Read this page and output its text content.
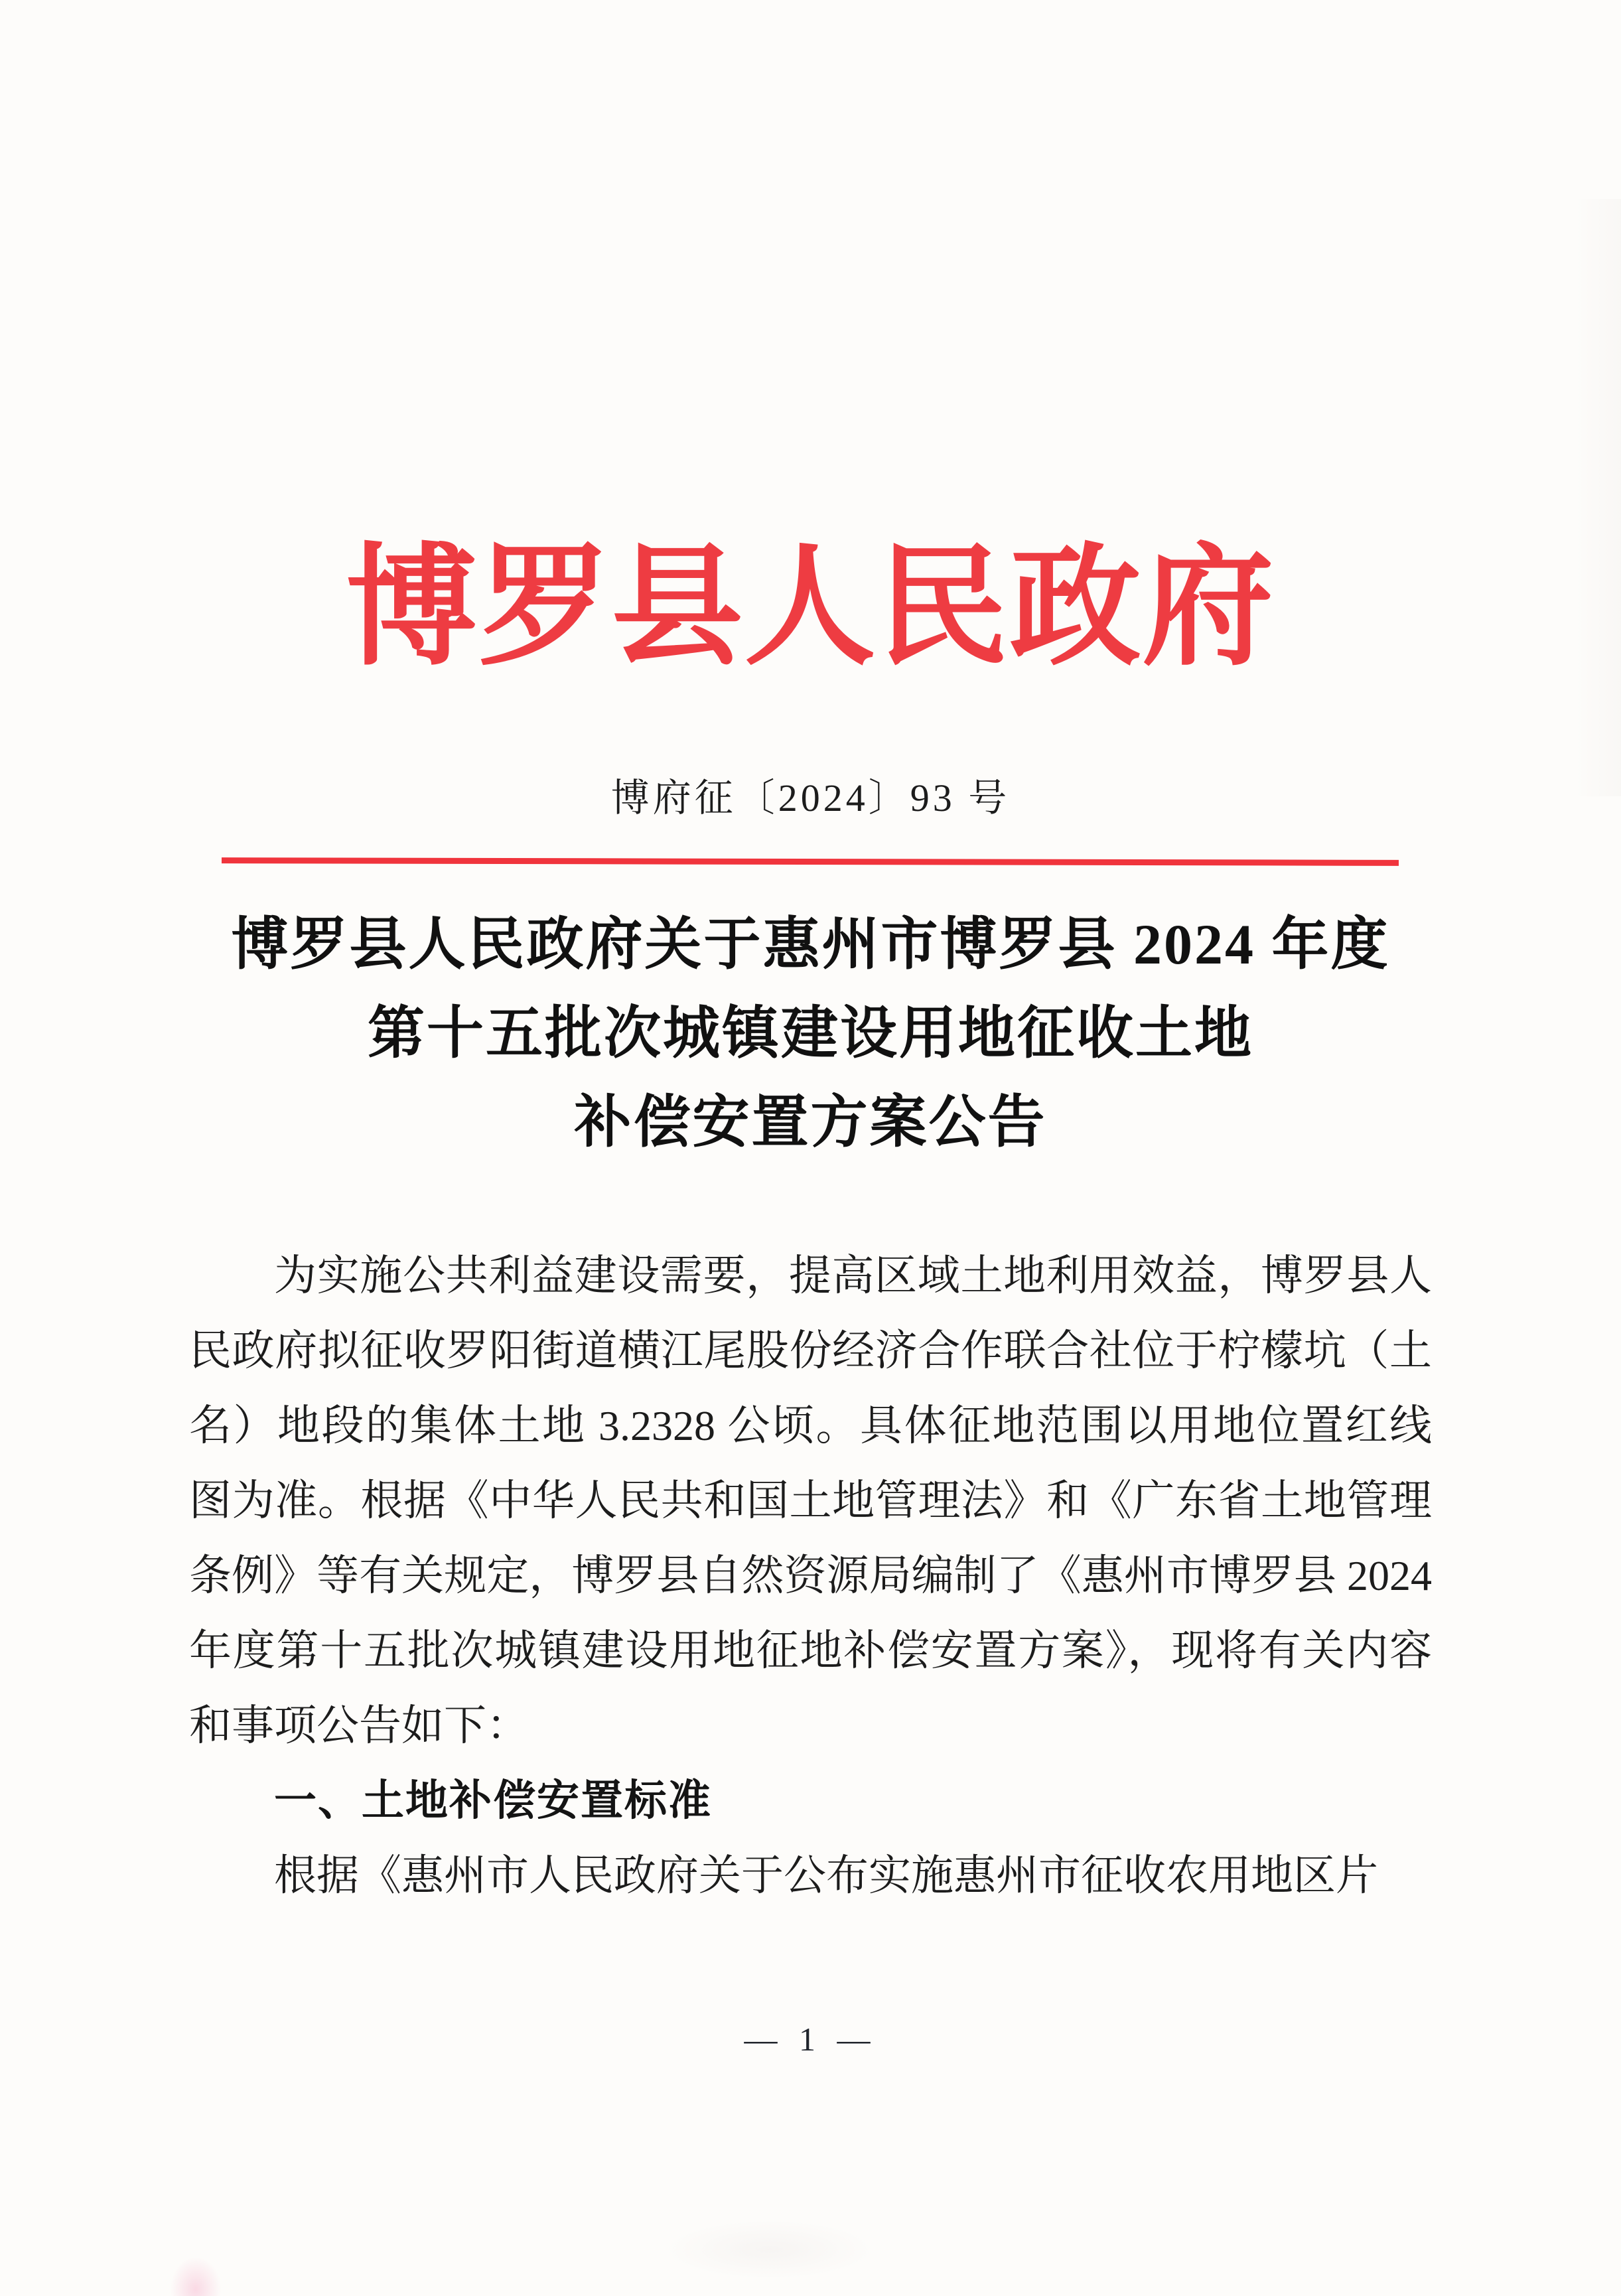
博罗县人民政府
博府征〔2024〕93 号
博罗县人民政府关于惠州市博罗县 2024 年度
第十五批次城镇建设用地征收土地
补偿安置方案公告
为实施公共利益建设需要，提高区域土地利用效益，博罗县人
民政府拟征收罗阳街道横江尾股份经济合作联合社位于柠檬坑（土
名）地段的集体土地 3.2328 公顷。具体征地范围以用地位置红线
图为准。根据《中华人民共和国土地管理法》和《广东省土地管理
条例》等有关规定，博罗县自然资源局编制了《惠州市博罗县 2024
年度第十五批次城镇建设用地征地补偿安置方案》，现将有关内容
和事项公告如下：
一、土地补偿安置标准
根据《惠州市人民政府关于公布实施惠州市征收农用地区片
— 1 —
